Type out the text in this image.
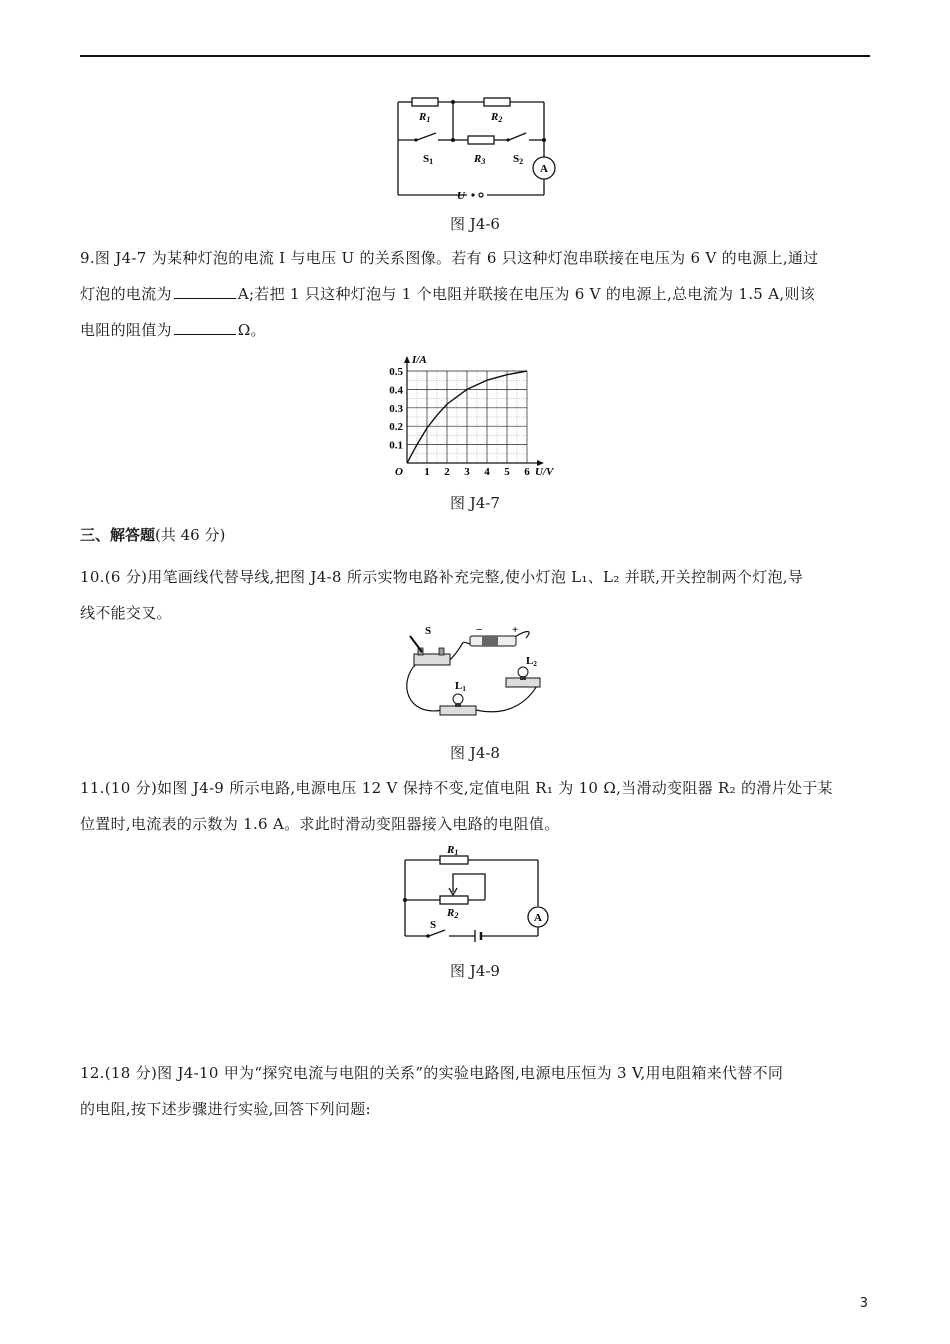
R1	R2
R3
S1	S2
A
U
图 J4-6
9.图 J4-7 为某种灯泡的电流 I 与电压 U 的关系图像。若有 6 只这种灯泡串联接在电压为 6 V 的电源上,通过
灯泡的电流为	A;若把 1 只这种灯泡与 1 个电阻并联接在电压为 6 V 的电源上,总电流为 1.5 A,则该
电阻的阻值为	Ω。
1 2 3 4 5 6
0.1
0.2
0.3
0.4
0.5
O	U/V
I/A
图 J4-7
三、解答题(共 46 分)
10.(6 分)用笔画线代替导线,把图 J4-8 所示实物电路补充完整,使小灯泡 L₁、L₂ 并联,开关控制两个灯泡,导
线不能交叉。
S	−	+
L2
L1
图 J4-8
11.(10 分)如图 J4-9 所示电路,电源电压 12 V 保持不变,定值电阻 R₁ 为 10 Ω,当滑动变阻器 R₂ 的滑片处于某
位置时,电流表的示数为 1.6 A。求此时滑动变阻器接入电路的电阻值。
R1
R2
S
A
图 J4-9
12.(18 分)图 J4-10 甲为“探究电流与电阻的关系”的实验电路图,电源电压恒为 3 V,用电阻箱来代替不同
的电阻,按下述步骤进行实验,回答下列问题:
3
